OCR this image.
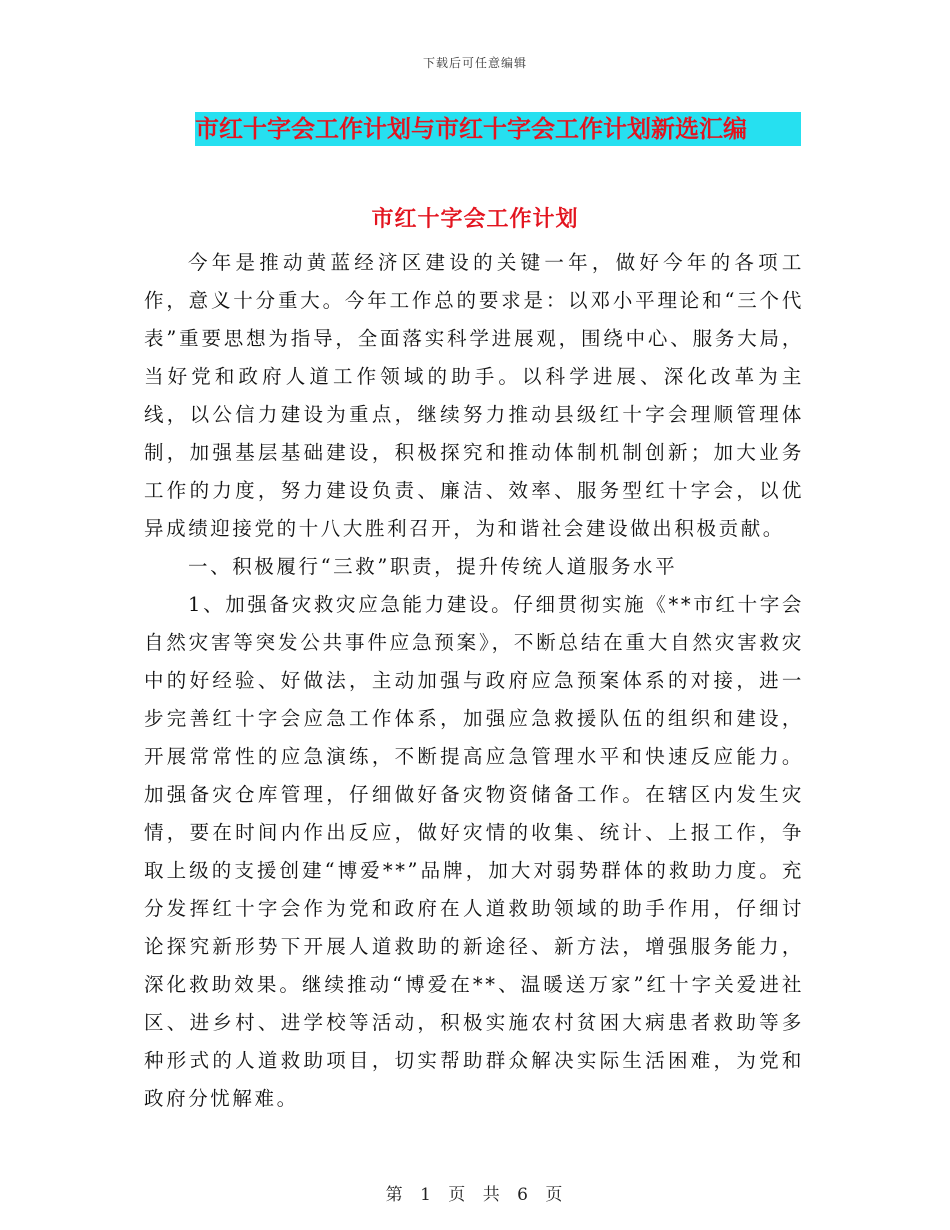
下载后可任意编辑
市红十字会工作计划与市红十字会工作计划新选汇编
市红十字会工作计划

今年是推动黄蓝经济区建设的关键一年，做好今年的各项工作，意义十分重大。今年工作总的要求是：以邓小平理论和“三个代表”重要思想为指导，全面落实科学进展观，围绕中心、服务大局，当好党和政府人道工作领域的助手。以科学进展、深化改革为主线，以公信力建设为重点，继续努力推动县级红十字会理顺管理体制，加强基层基础建设，积极探究和推动体制机制创新；加大业务工作的力度，努力建设负责、廉洁、效率、服务型红十字会，以优异成绩迎接党的十八大胜利召开，为和谐社会建设做出积极贡献。

一、积极履行“三救”职责，提升传统人道服务水平

1、加强备灾救灾应急能力建设。仔细贯彻实施《**市红十字会自然灾害等突发公共事件应急预案》，不断总结在重大自然灾害救灾中的好经验、好做法，主动加强与政府应急预案体系的对接，进一步完善红十字会应急工作体系，加强应急救援队伍的组织和建设，开展常常性的应急演练，不断提高应急管理水平和快速反应能力。加强备灾仓库管理，仔细做好备灾物资储备工作。在辖区内发生灾情，要在时间内作出反应，做好灾情的收集、统计、上报工作，争取上级的支援创建“博爱**”品牌，加大对弱势群体的救助力度。充分发挥红十字会作为党和政府在人道救助领域的助手作用，仔细讨论探究新形势下开展人道救助的新途径、新方法，增强服务能力，深化救助效果。继续推动“博爱在**、温暖送万家”红十字关爱进社区、进乡村、进学校等活动，积极实施农村贫困大病患者救助等多种形式的人道救助项目，切实帮助群众解决实际生活困难，为党和政府分忧解难。

第 1 页 共 6 页
